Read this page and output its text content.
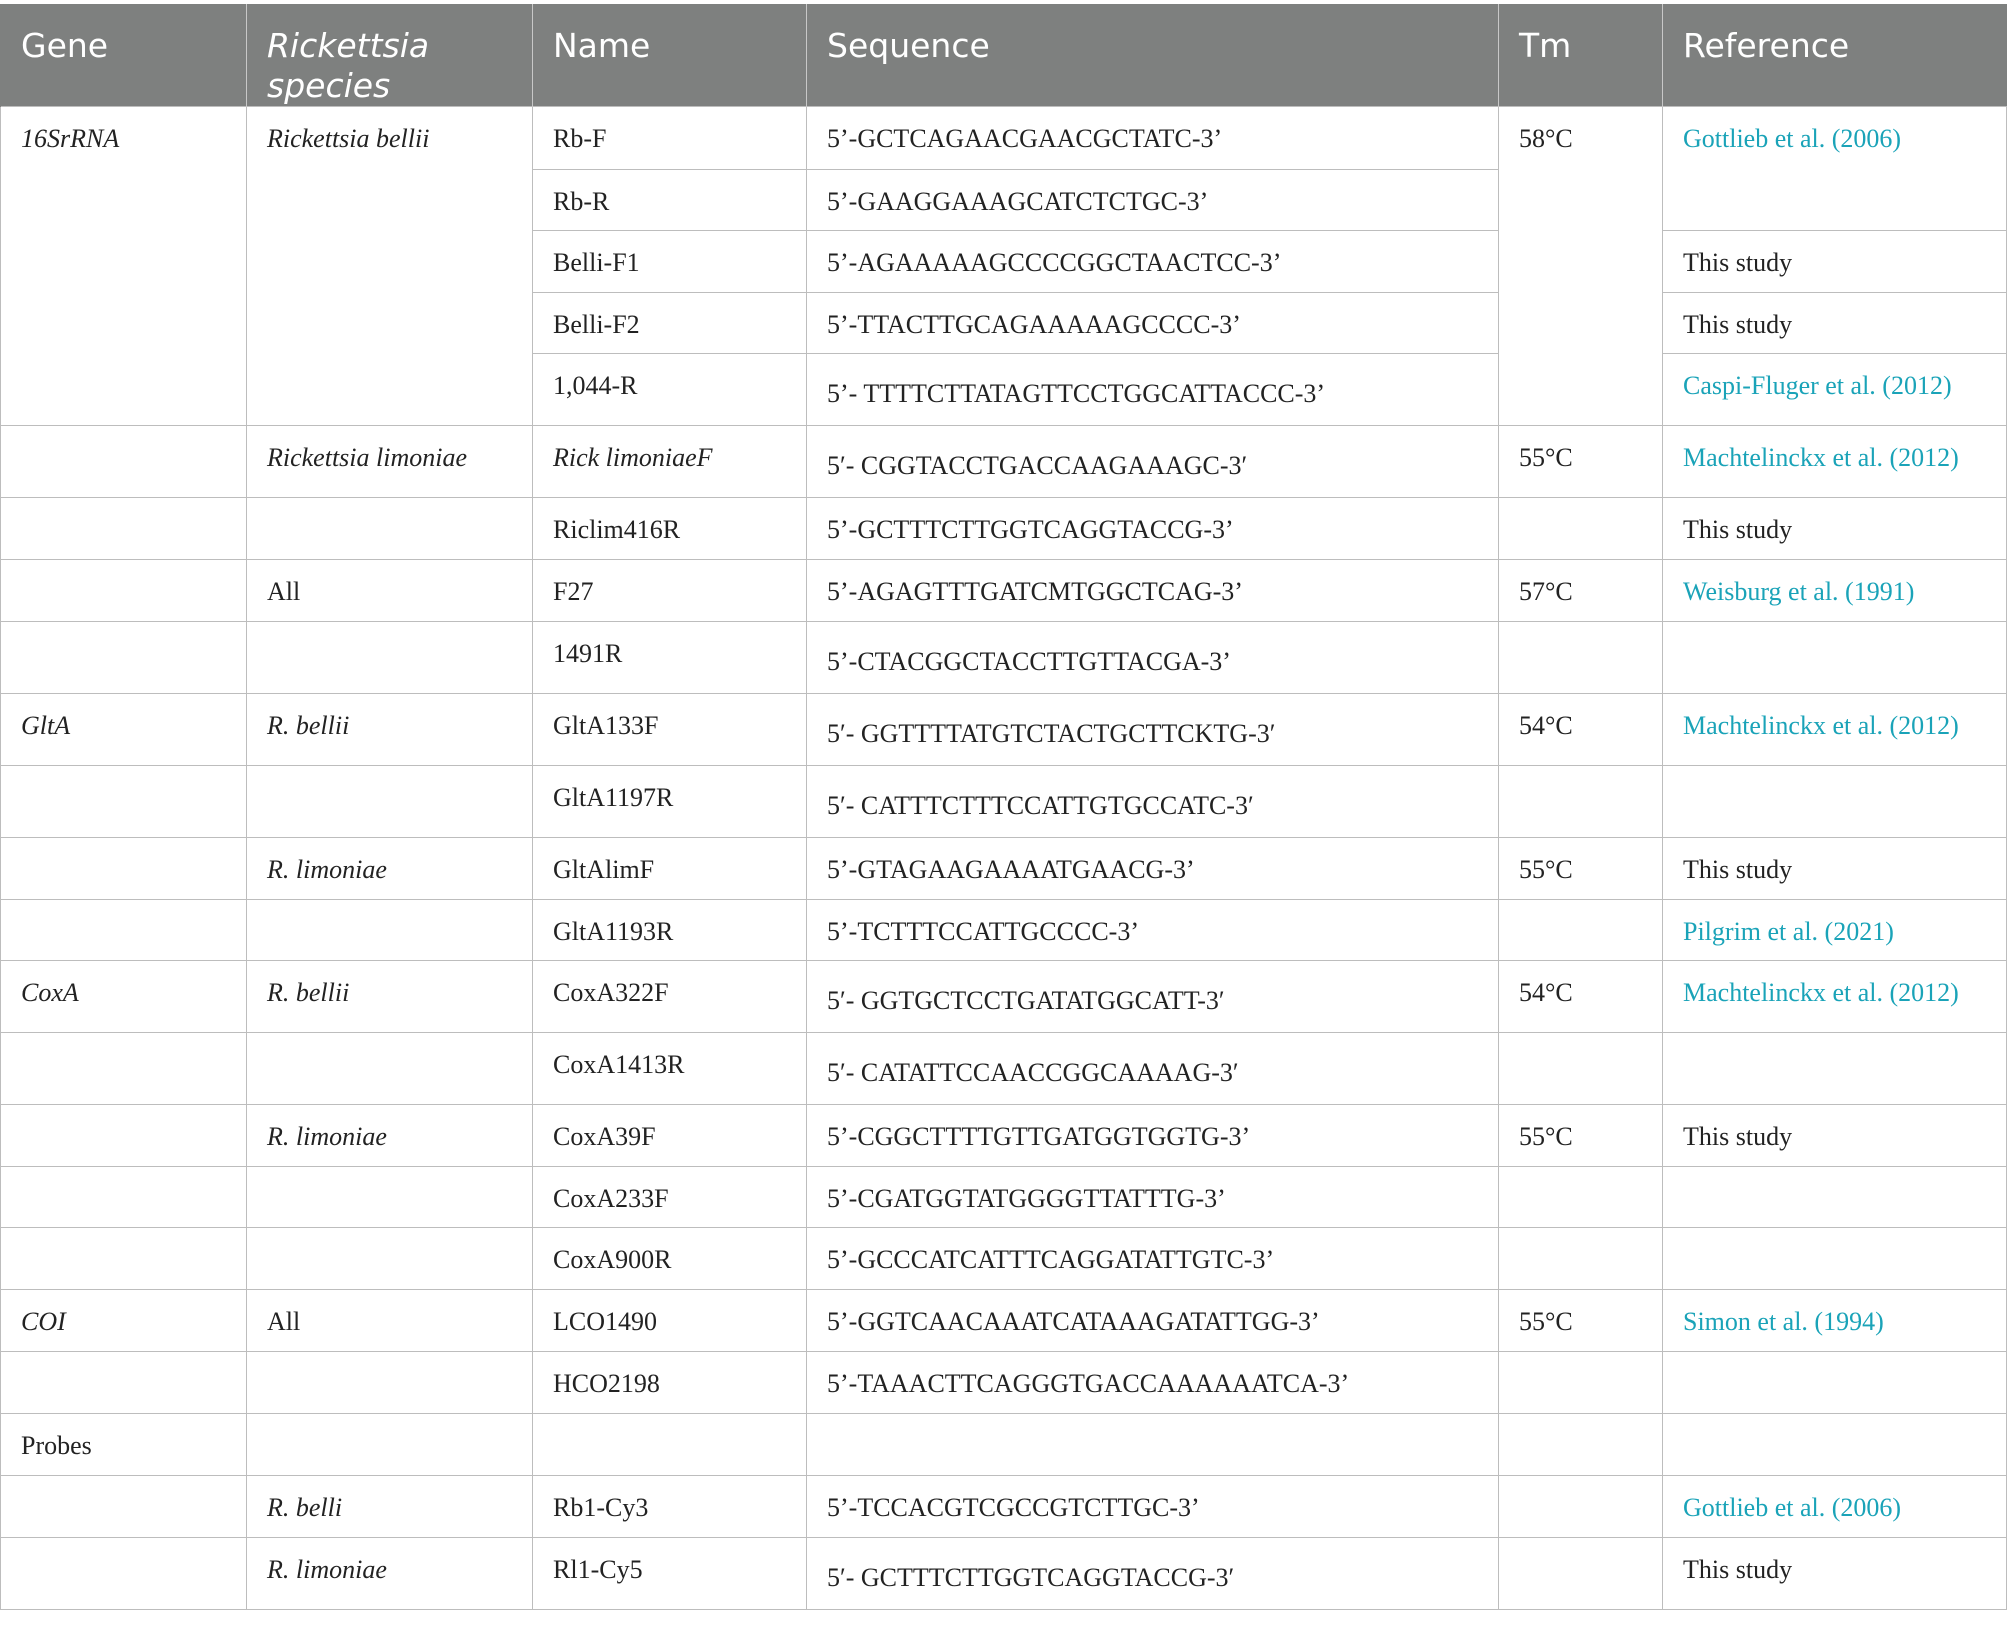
Gene	Rickettsia species	Name	Sequence	Tm	Reference
16SrRNA	Rickettsia bellii	Rb-F	5’-GCTCAGAACGAACGCTATC-3’	58°C	Gottlieb et al. (2006)
		Rb-R	5’-GAAGGAAAGCATCTCTGC-3’		
		Belli-F1	5’-AGAAAAAGCCCCGGCTAACTCC-3’		This study
		Belli-F2	5’-TTACTTGCAGAAAAAGCCCC-3’		This study
		1,044-R	5’- TTTTCTTATAGTTCCTGGCATTACCC-3’		Caspi-Fluger et al. (2012)
	Rickettsia limoniae	Rick limoniaeF	5′- CGGTACCTGACCAAGAAAGC-3′	55°C	Machtelinckx et al. (2012)
		Riclim416R	5’-GCTTTCTTGGTCAGGTACCG-3’		This study
	All	F27	5’-AGAGTTTGATCMTGGCTCAG-3’	57°C	Weisburg et al. (1991)
		1491R	5’-CTACGGCTACCTTGTTACGA-3’		
GltA	R. bellii	GltA133F	5′- GGTTTTATGTCTACTGCTTCKTG-3′	54°C	Machtelinckx et al. (2012)
		GltA1197R	5′- CATTTCTTTCCATTGTGCCATC-3′		
	R. limoniae	GltAlimF	5’-GTAGAAGAAAATGAACG-3’	55°C	This study
		GltA1193R	5’-TCTTTCCATTGCCCC-3’		Pilgrim et al. (2021)
CoxA	R. bellii	CoxA322F	5′- GGTGCTCCTGATATGGCATT-3′	54°C	Machtelinckx et al. (2012)
		CoxA1413R	5′- CATATTCCAACCGGCAAAAG-3′		
	R. limoniae	CoxA39F	5’-CGGCTTTTGTTGATGGTGGTG-3’	55°C	This study
		CoxA233F	5’-CGATGGTATGGGGTTATTTG-3’		
		CoxA900R	5’-GCCCATCATTTCAGGATATTGTC-3’		
COI	All	LCO1490	5’-GGTCAACAAATCATAAAGATATTGG-3’	55°C	Simon et al. (1994)
		HCO2198	5’-TAAACTTCAGGGTGACCAAAAAATCA-3’		
Probes					
	R. belli	Rb1-Cy3	5’-TCCACGTCGCCGTCTTGC-3’		Gottlieb et al. (2006)
	R. limoniae	Rl1-Cy5	5′- GCTTTCTTGGTCAGGTACCG-3′		This study
